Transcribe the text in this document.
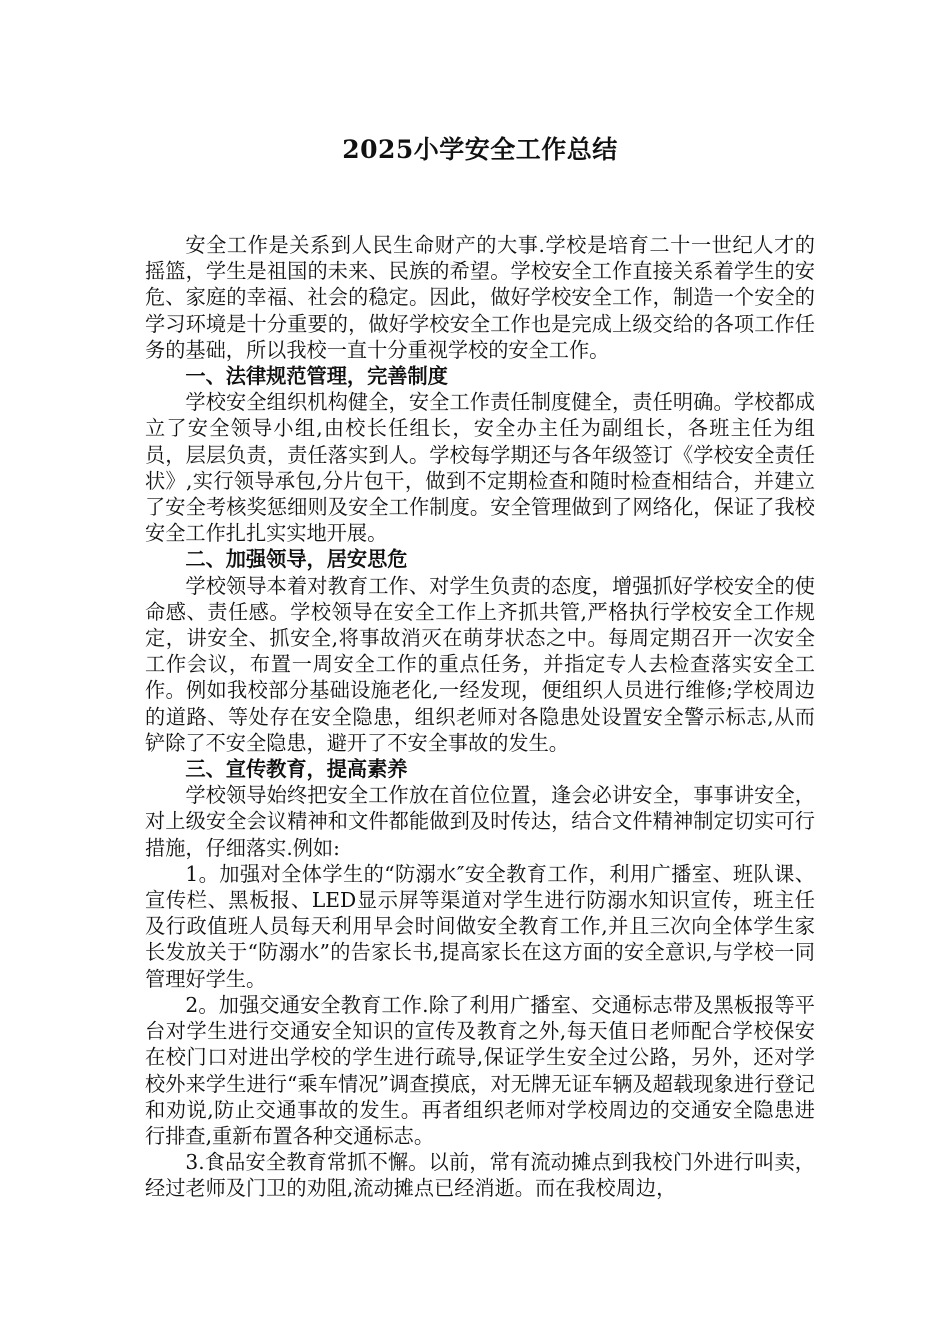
2025小学安全工作总结

安全工作是关系到人民生命财产的大事.学校是培育二十一世纪人才的摇篮，学生是祖国的未来、民族的希望。学校安全工作直接关系着学生的安危、家庭的幸福、社会的稳定。因此，做好学校安全工作，制造一个安全的学习环境是十分重要的，做好学校安全工作也是完成上级交给的各项工作任务的基础，所以我校一直十分重视学校的安全工作。

一、法律规范管理，完善制度

学校安全组织机构健全，安全工作责任制度健全，责任明确。学校都成立了安全领导小组,由校长任组长，安全办主任为副组长，各班主任为组员，层层负责，责任落实到人。学校每学期还与各年级签订《学校安全责任状》,实行领导承包,分片包干，做到不定期检查和随时检查相结合，并建立了安全考核奖惩细则及安全工作制度。安全管理做到了网络化，保证了我校安全工作扎扎实实地开展。

二、加强领导，居安思危

学校领导本着对教育工作、对学生负责的态度，增强抓好学校安全的使命感、责任感。学校领导在安全工作上齐抓共管,严格执行学校安全工作规定，讲安全、抓安全,将事故消灭在萌芽状态之中。每周定期召开一次安全工作会议，布置一周安全工作的重点任务，并指定专人去检查落实安全工作。例如我校部分基础设施老化,一经发现，便组织人员进行维修;学校周边的道路、等处存在安全隐患，组织老师对各隐患处设置安全警示标志,从而铲除了不安全隐患，避开了不安全事故的发生。

三、宣传教育，提高素养

学校领导始终把安全工作放在首位位置，逢会必讲安全，事事讲安全，对上级安全会议精神和文件都能做到及时传达，结合文件精神制定切实可行措施，仔细落实.例如:

1。加强对全体学生的“防溺水″安全教育工作，利用广播室、班队课、宣传栏、黑板报、LED显示屏等渠道对学生进行防溺水知识宣传，班主任及行政值班人员每天利用早会时间做安全教育工作,并且三次向全体学生家长发放关于“防溺水”的告家长书,提高家长在这方面的安全意识,与学校一同管理好学生。

2。加强交通安全教育工作.除了利用广播室、交通标志带及黑板报等平台对学生进行交通安全知识的宣传及教育之外,每天值日老师配合学校保安在校门口对进出学校的学生进行疏导,保证学生安全过公路，另外，还对学校外来学生进行“乘车情况”调查摸底，对无牌无证车辆及超载现象进行登记和劝说,防止交通事故的发生。再者组织老师对学校周边的交通安全隐患进行排查,重新布置各种交通标志。

3.食品安全教育常抓不懈。以前，常有流动摊点到我校门外进行叫卖，经过老师及门卫的劝阻,流动摊点已经消逝。而在我校周边，
